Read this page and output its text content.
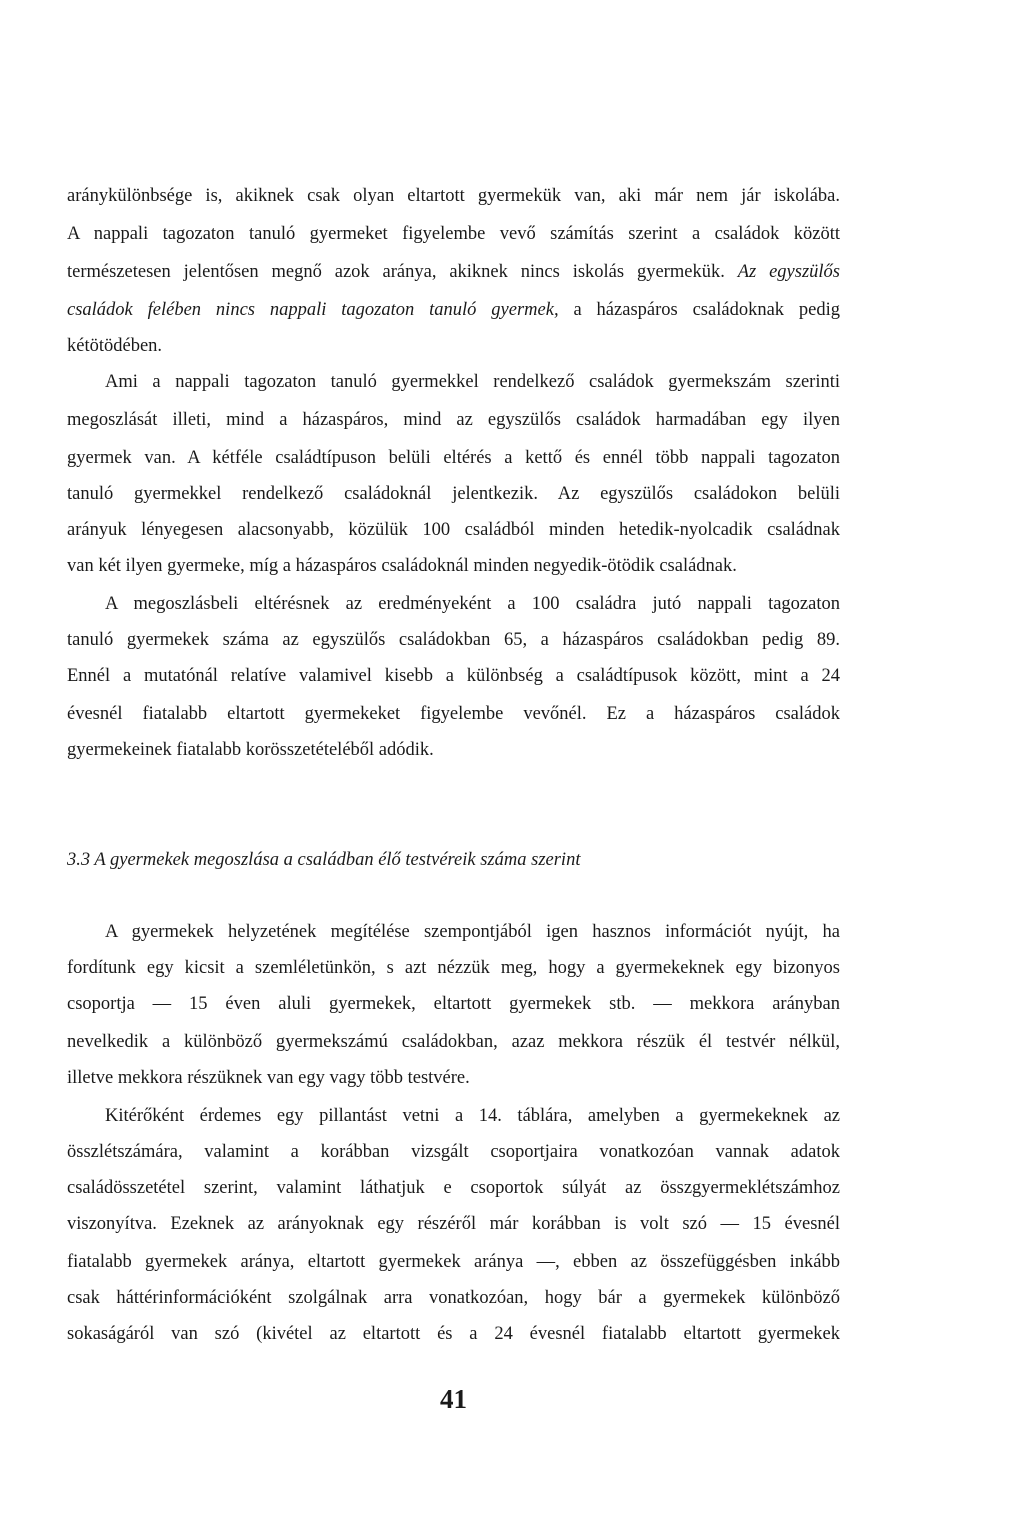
aránykülönbsége is, akiknek csak olyan eltartott gyermekük van, aki már nem jár iskolába.
A nappali tagozaton tanuló gyermeket figyelembe vevő számítás szerint a családok között
természetesen jelentősen megnő azok aránya, akiknek nincs iskolás gyermekük. Az egyszülős
családok felében nincs nappali tagozaton tanuló gyermek, a házaspáros családoknak pedig
kétötödében.
Ami a nappali tagozaton tanuló gyermekkel rendelkező családok gyermekszám szerinti
megoszlását illeti, mind a házaspáros, mind az egyszülős családok harmadában egy ilyen
gyermek van. A kétféle családtípuson belüli eltérés a kettő és ennél több nappali tagozaton
tanuló gyermekkel rendelkező családoknál jelentkezik. Az egyszülős családokon belüli
arányuk lényegesen alacsonyabb, közülük 100 családból minden hetedik-nyolcadik családnak
van két ilyen gyermeke, míg a házaspáros családoknál minden negyedik-ötödik családnak.
A megoszlásbeli eltérésnek az eredményeként a 100 családra jutó nappali tagozaton
tanuló gyermekek száma az egyszülős családokban 65, a házaspáros családokban pedig 89.
Ennél a mutatónál relatíve valamivel kisebb a különbség a családtípusok között, mint a 24
évesnél fiatalabb eltartott gyermekeket figyelembe vevőnél. Ez a házaspáros családok
gyermekeinek fiatalabb korösszetételéből adódik.
3.3 A gyermekek megoszlása a családban élő testvéreik száma szerint
A gyermekek helyzetének megítélése szempontjából igen hasznos információt nyújt, ha
fordítunk egy kicsit a szemléletünkön, s azt nézzük meg, hogy a gyermekeknek egy bizonyos
csoportja — 15 éven aluli gyermekek, eltartott gyermekek stb. — mekkora arányban
nevelkedik a különböző gyermekszámú családokban, azaz mekkora részük él testvér nélkül,
illetve mekkora részüknek van egy vagy több testvére.
Kitérőként érdemes egy pillantást vetni a 14. táblára, amelyben a gyermekeknek az
összlétszámára, valamint a korábban vizsgált csoportjaira vonatkozóan vannak adatok
családösszetétel szerint, valamint láthatjuk e csoportok súlyát az összgyermeklétszámhoz
viszonyítva. Ezeknek az arányoknak egy részéről már korábban is volt szó — 15 évesnél
fiatalabb gyermekek aránya, eltartott gyermekek aránya —, ebben az összefüggésben inkább
csak háttérinformációként szolgálnak arra vonatkozóan, hogy bár a gyermekek különböző
sokaságáról van szó (kivétel az eltartott és a 24 évesnél fiatalabb eltartott gyermekek
41
